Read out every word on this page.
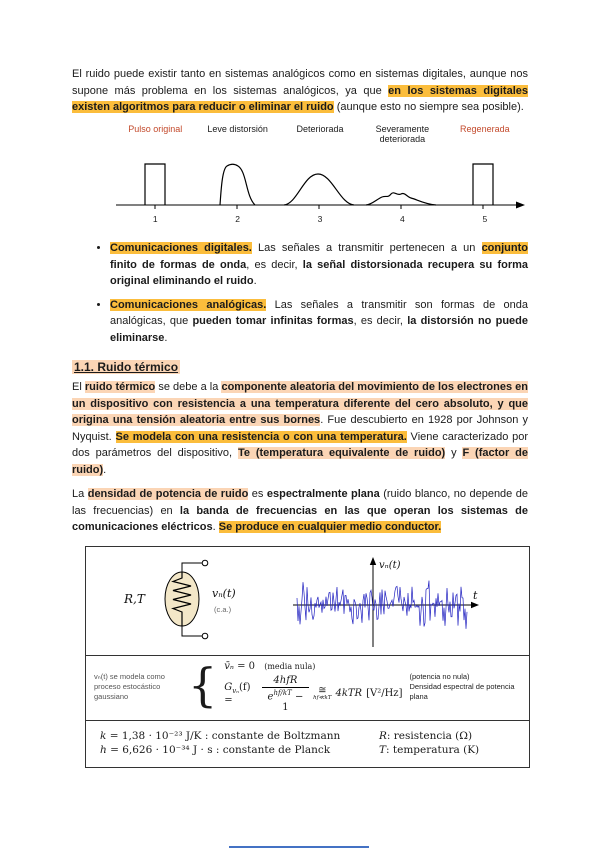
El ruido puede existir tanto en sistemas analógicos como en sistemas digitales, aunque nos supone más problema en los sistemas analógicos, ya que en los sistemas digitales existen algoritmos para reducir o eliminar el ruido (aunque esto no siempre sea posible).

Pulso original	Leve distorsión	Deteriorada	Severamente deteriorada
Regenerada
1	2	3	4	5
• Comunicaciones digitales. Las señales a transmitir pertenecen a un conjunto finito de formas de onda, es decir, la señal distorsionada recupera su forma original eliminando el ruido.
• Comunicaciones analógicas. Las señales a transmitir son formas de onda analógicas, que pueden tomar infinitas formas, es decir, la distorsión no puede eliminarse.
1.1. Ruido térmico

El ruido térmico se debe a la componente aleatoria del movimiento de los electrones en un dispositivo con resistencia a una temperatura diferente del cero absoluto, y que origina una tensión aleatoria entre sus bornes. Fue descubierto en 1928 por Johnson y Nyquist. Se modela con una resistencia o con una temperatura. Viene caracterizado por dos parámetros del dispositivo, Te (temperatura equivalente de ruido) y F (factor de ruido).

La densidad de potencia de ruido es espectralmente plana (ruido blanco, no depende de las frecuencias) en la banda de frecuencias en las que operan los sistemas de comunicaciones eléctricos. Se produce en cualquier medio conductor.

R,T	vₙ(t)
(c.a.)
vₙ(t)
t
vₙ(t) se modela como proceso estocástico gaussiano	{ v̄ₙ = 0 (media nula)
$G_{v_n}(f)$ =	$\frac{\text{4hfR}}{e^{hf/kT} - 1}$ ≅
hf≪kT 4kTR [V²/Hz]
(potencia no nula)
Densidad espectral de potencia plana
k = 1,38 · 10⁻²³ J/K : constante de Boltzmann	R: resistencia (Ω)
h = 6,626 · 10⁻³⁴ J · s : constante de Planck	T: temperatura (K)
